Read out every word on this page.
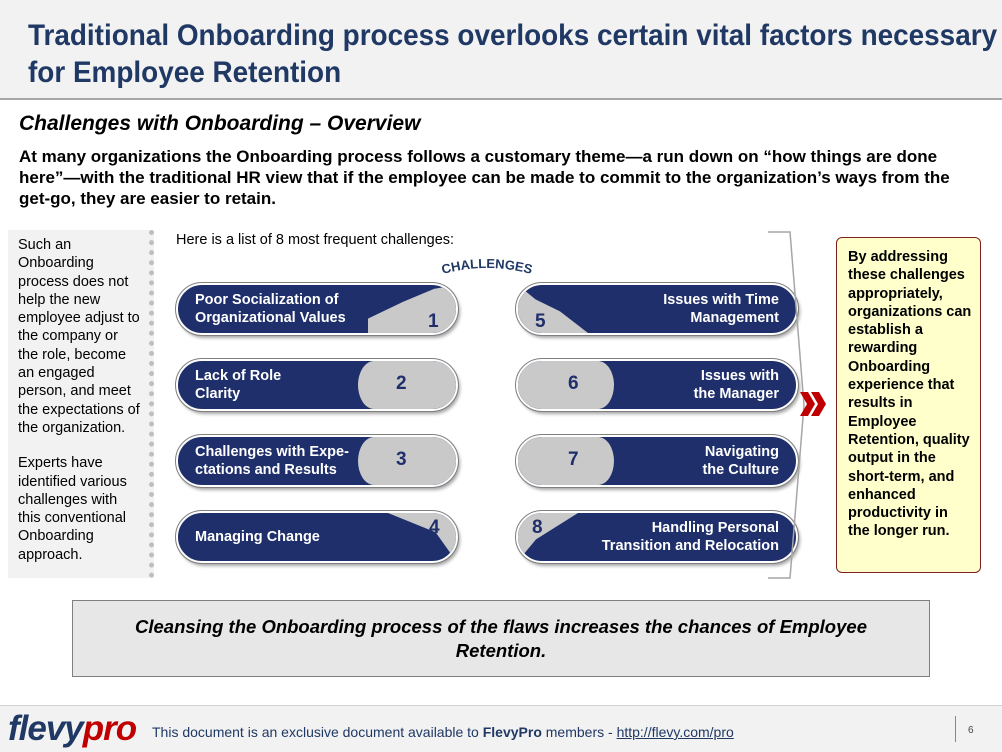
Traditional Onboarding process overlooks certain vital factors necessary
for Employee Retention
Challenges with Onboarding – Overview
At many organizations the Onboarding process follows a customary theme—a run down on “how things are done here”—with the traditional HR view that if the employee can be made to commit to the organization’s ways from the get-go, they are easier to retain.

Such an Onboarding process does not help the new employee adjust to the company or the role, become an engaged person, and meet the expectations of the organization.

Experts have identified various challenges with this conventional Onboarding approach.

Here is a list of 8 most frequent challenges:
CHALLENGES
Poor Socialization of
Organizational Values	1
Lack of Role
Clarity	2
Challenges with Expe-
ctations and Results	3
Managing Change	4
Issues with Time
Management
5
Issues with
the Manager
6
Navigating
the Culture
7
Handling Personal
Transition and Relocation
8
By addressing these challenges appropriately, organizations can establish a rewarding Onboarding experience that results in Employee Retention, quality output in the short-term, and enhanced productivity in the longer run.
Cleansing the Onboarding process of the flaws increases the chances of Employee Retention.
flevypro This document is an exclusive document available to FlevyPro members - http://flevy.com/pro	6
